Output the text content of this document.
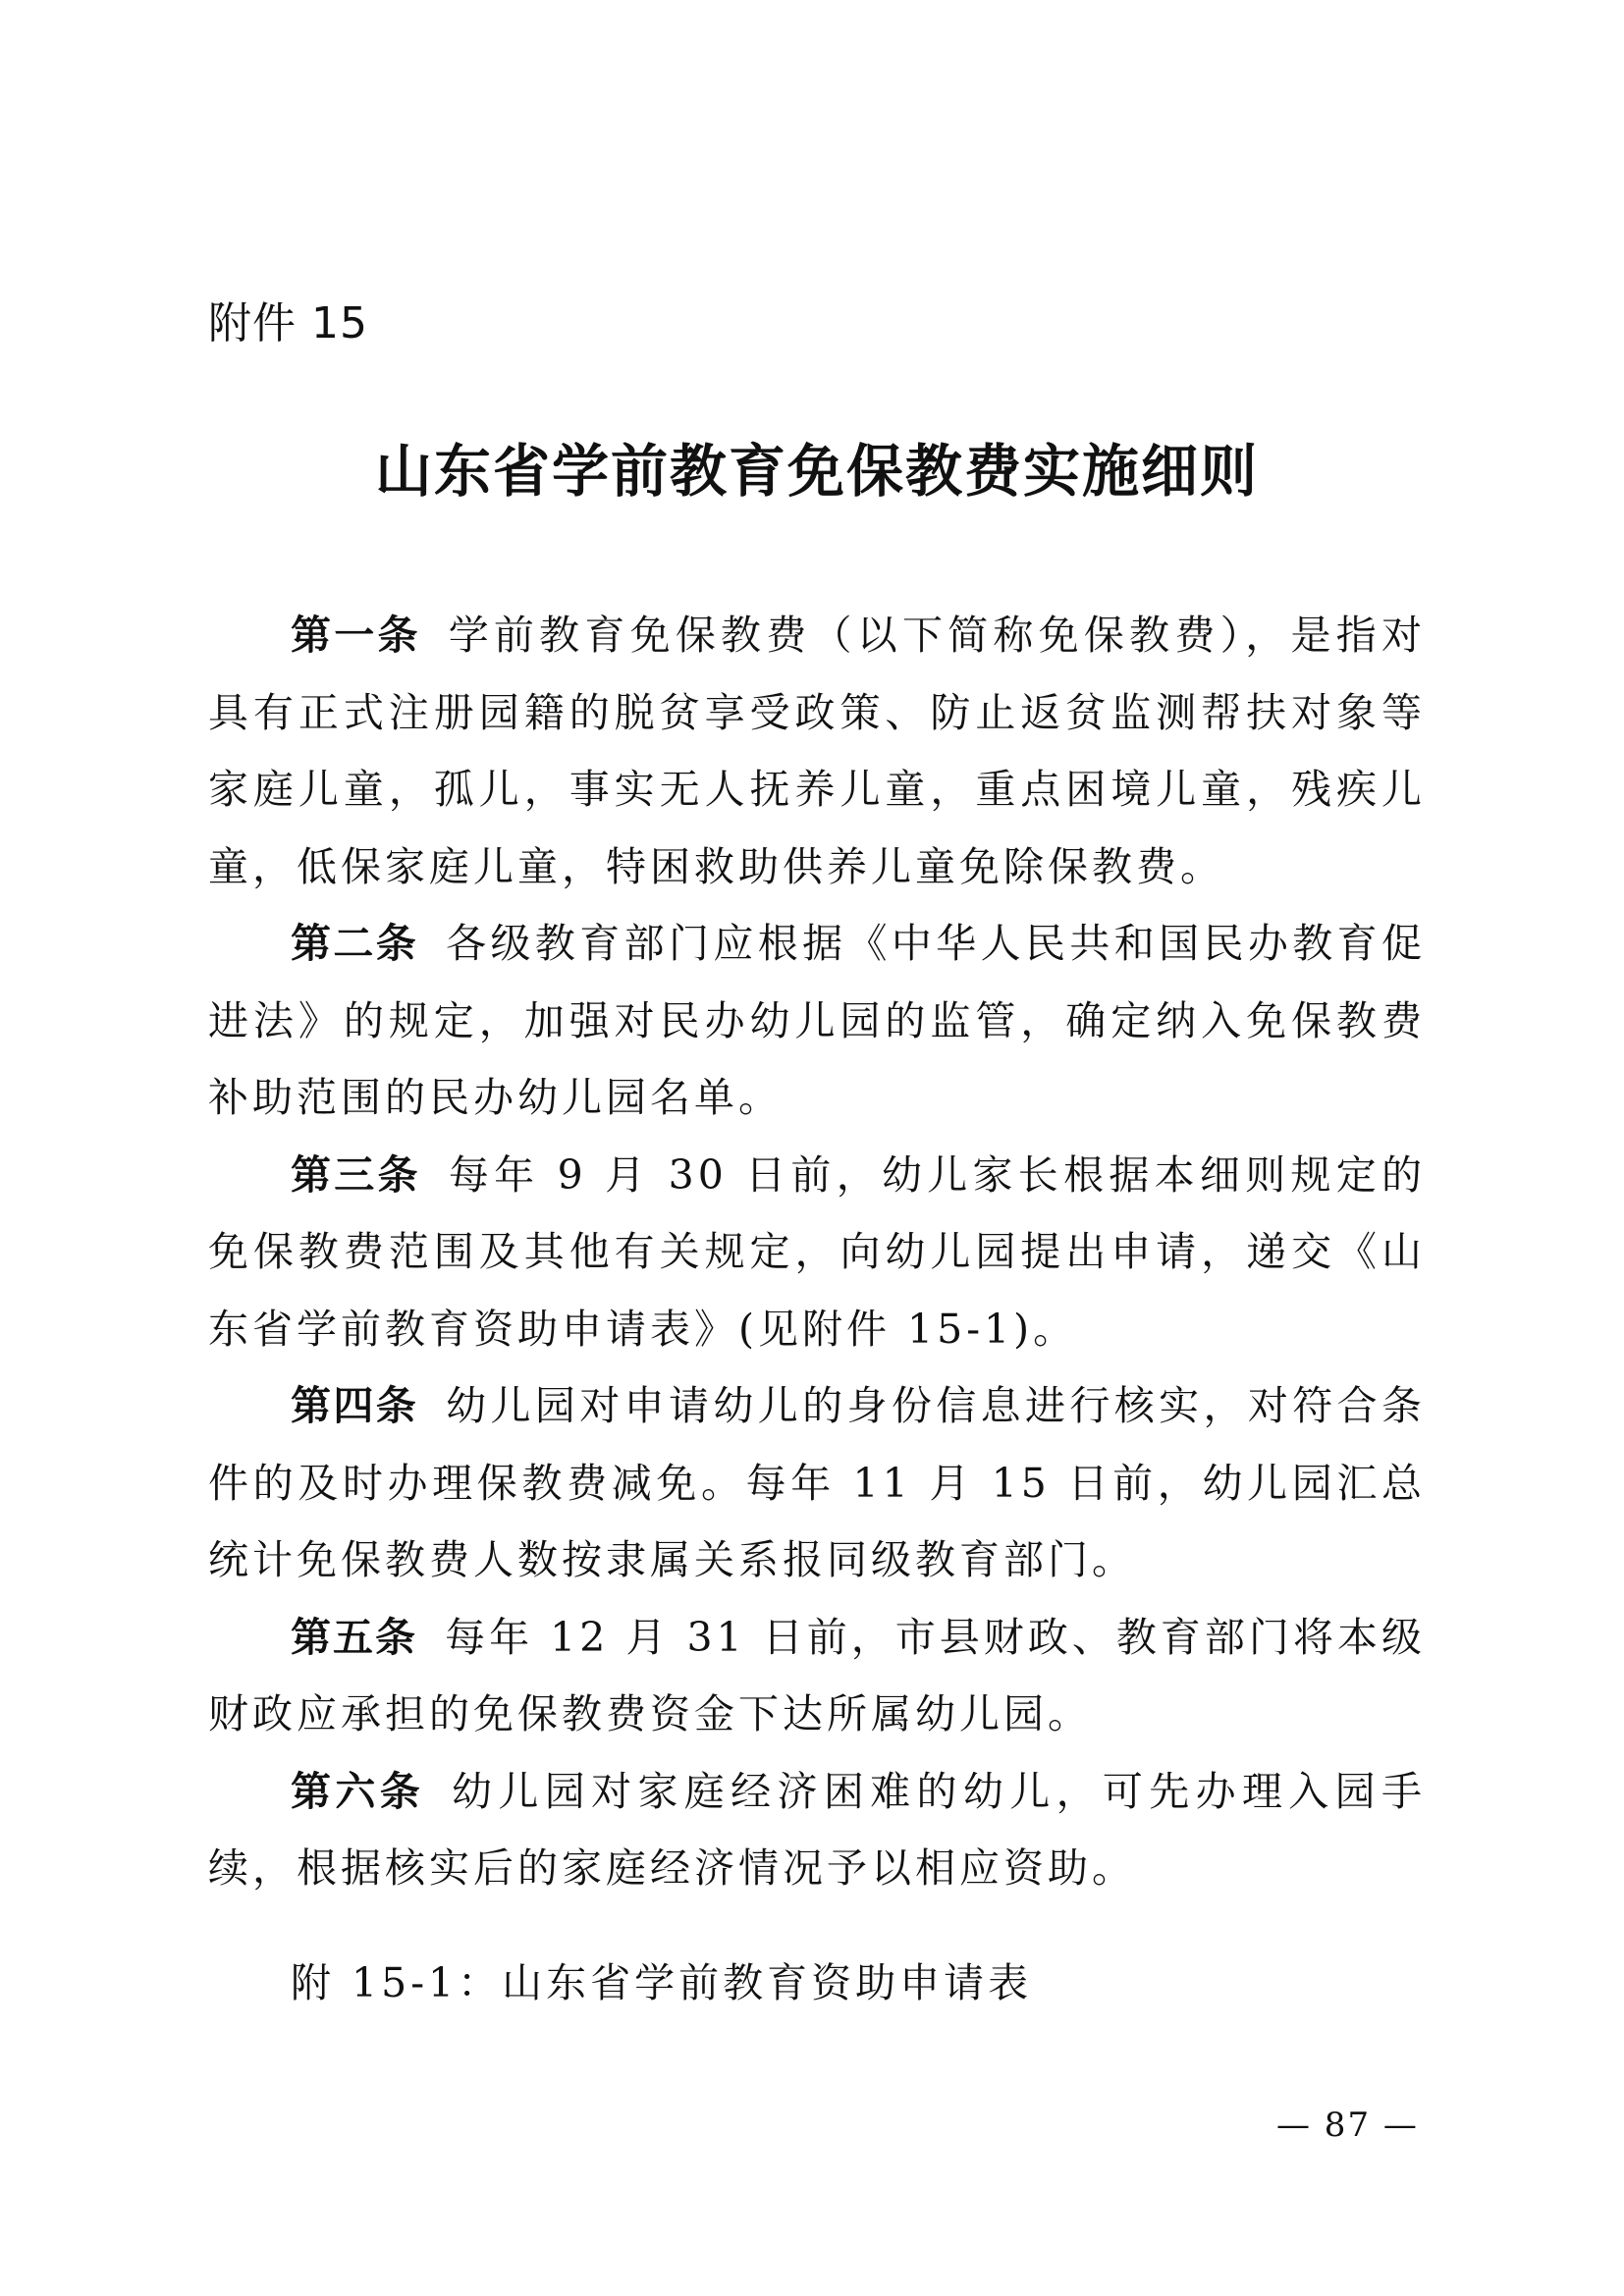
附件 15
山东省学前教育免保教费实施细则

第一条 学前教育免保教费（以下简称免保教费），是指对具有正式注册园籍的脱贫享受政策、防止返贫监测帮扶对象等家庭儿童，孤儿，事实无人抚养儿童，重点困境儿童，残疾儿童，低保家庭儿童，特困救助供养儿童免除保教费。

第二条 各级教育部门应根据《中华人民共和国民办教育促进法》的规定，加强对民办幼儿园的监管，确定纳入免保教费补助范围的民办幼儿园名单。

第三条 每年 9 月 30 日前，幼儿家长根据本细则规定的免保教费范围及其他有关规定，向幼儿园提出申请，递交《山东省学前教育资助申请表》(见附件 15-1)。

第四条 幼儿园对申请幼儿的身份信息进行核实，对符合条件的及时办理保教费减免。每年 11 月 15 日前，幼儿园汇总统计免保教费人数按隶属关系报同级教育部门。

第五条 每年 12 月 31 日前，市县财政、教育部门将本级财政应承担的免保教费资金下达所属幼儿园。

第六条 幼儿园对家庭经济困难的幼儿，可先办理入园手续，根据核实后的家庭经济情况予以相应资助。

附 15-1：山东省学前教育资助申请表
— 87 —
